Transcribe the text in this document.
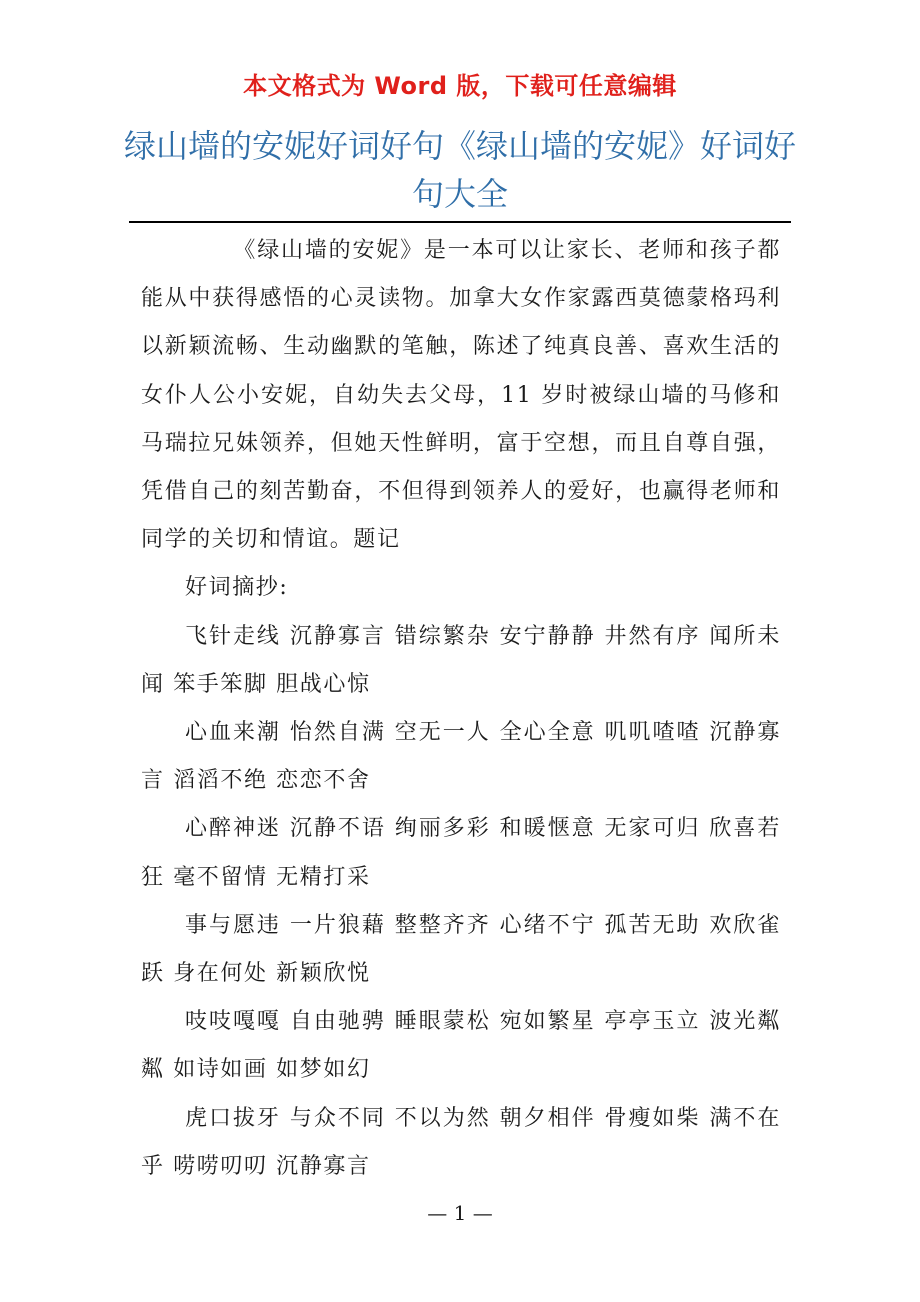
本文格式为 Word 版，下载可任意编辑
绿山墙的安妮好词好句《绿山墙的安妮》好词好句大全

《绿山墙的安妮》是一本可以让家长、老师和孩子都能从中获得感悟的心灵读物。加拿大女作家露西莫德蒙格玛利以新颖流畅、生动幽默的笔触，陈述了纯真良善、喜欢生活的女仆人公小安妮，自幼失去父母，11 岁时被绿山墙的马修和马瑞拉兄妹领养，但她天性鲜明，富于空想，而且自尊自强，凭借自己的刻苦勤奋，不但得到领养人的爱好，也赢得老师和同学的关切和情谊。题记

好词摘抄:

飞针走线 沉静寡言 错综繁杂 安宁静静 井然有序 闻所未闻 笨手笨脚 胆战心惊

心血来潮 怡然自满 空无一人 全心全意 叽叽喳喳 沉静寡言 滔滔不绝 恋恋不舍

心醉神迷 沉静不语 绚丽多彩 和暖惬意 无家可归 欣喜若狂 毫不留情 无精打采

事与愿违 一片狼藉 整整齐齐 心绪不宁 孤苦无助 欢欣雀跃 身在何处 新颖欣悦

吱吱嘎嘎 自由驰骋 睡眼蒙松 宛如繁星 亭亭玉立 波光粼粼 如诗如画 如梦如幻

虎口拔牙 与众不同 不以为然 朝夕相伴 骨瘦如柴 满不在乎 唠唠叨叨 沉静寡言

— 1 —
